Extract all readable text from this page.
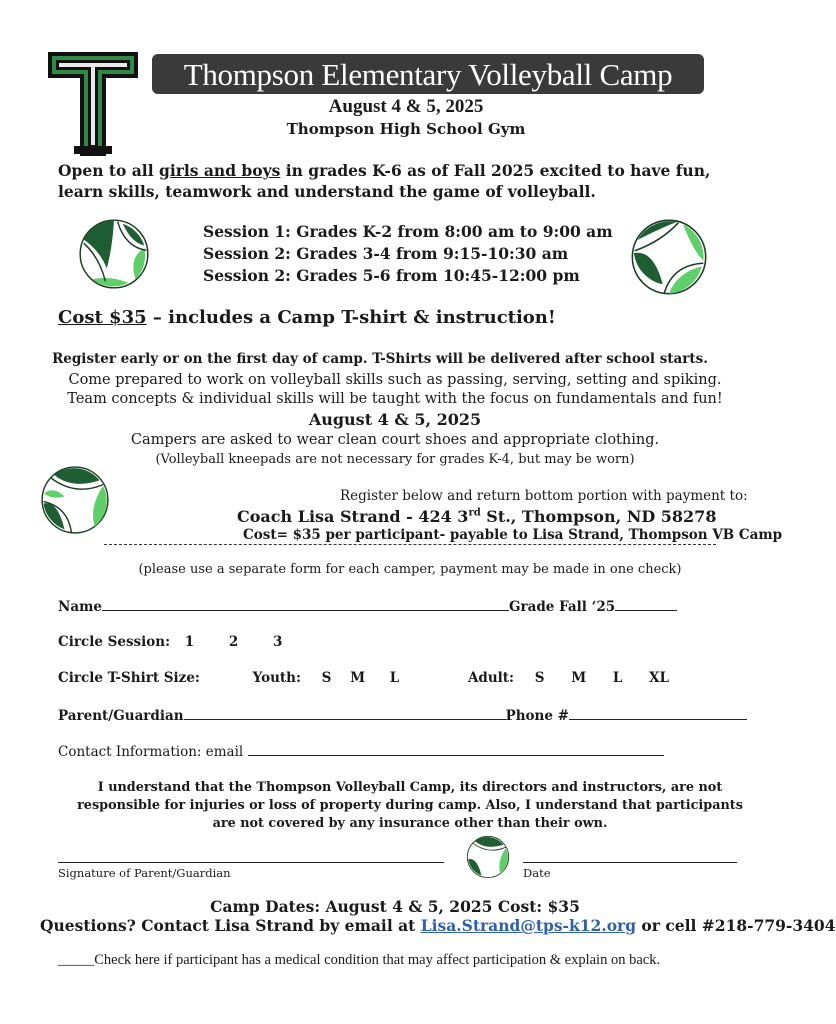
Thompson Elementary Volleyball Camp
August 4 & 5, 2025
Thompson High School Gym
Open to all girls and boys in grades K-6 as of Fall 2025 excited to have fun, learn skills, teamwork and understand the game of volleyball.
Session 1: Grades K-2 from 8:00 am to 9:00 am
Session 2: Grades 3-4 from 9:15-10:30 am
Session 2: Grades 5-6 from 10:45-12:00 pm
Cost $35 – includes a Camp T-shirt & instruction!
Register early or on the first day of camp. T-Shirts will be delivered after school starts.
Come prepared to work on volleyball skills such as passing, serving, setting and spiking.
Team concepts & individual skills will be taught with the focus on fundamentals and fun!
August 4 & 5, 2025
Campers are asked to wear clean court shoes and appropriate clothing.
(Volleyball kneepads are not necessary for grades K-4, but may be worn)
Register below and return bottom portion with payment to:
Coach Lisa Strand - 424 3rd St., Thompson, ND 58278
Cost= $35 per participant- payable to Lisa Strand, Thompson VB Camp
(please use a separate form for each camper, payment may be made in one check)
Name	Grade Fall ‘25
Circle Session: 1	2	3
Circle T-Shirt Size:	Youth: S M L	Adult: S M L XL
Parent/Guardian	Phone #
Contact Information: email
I understand that the Thompson Volleyball Camp, its directors and instructors, are not responsible for injuries or loss of property during camp. Also, I understand that participants are not covered by any insurance other than their own.
Signature of Parent/Guardian	Date
Camp Dates: August 4 & 5, 2025 Cost: $35
Questions? Contact Lisa Strand by email at Lisa.Strand@tps-k12.org or cell #218-779-3404
_____Check here if participant has a medical condition that may affect participation & explain on back.
